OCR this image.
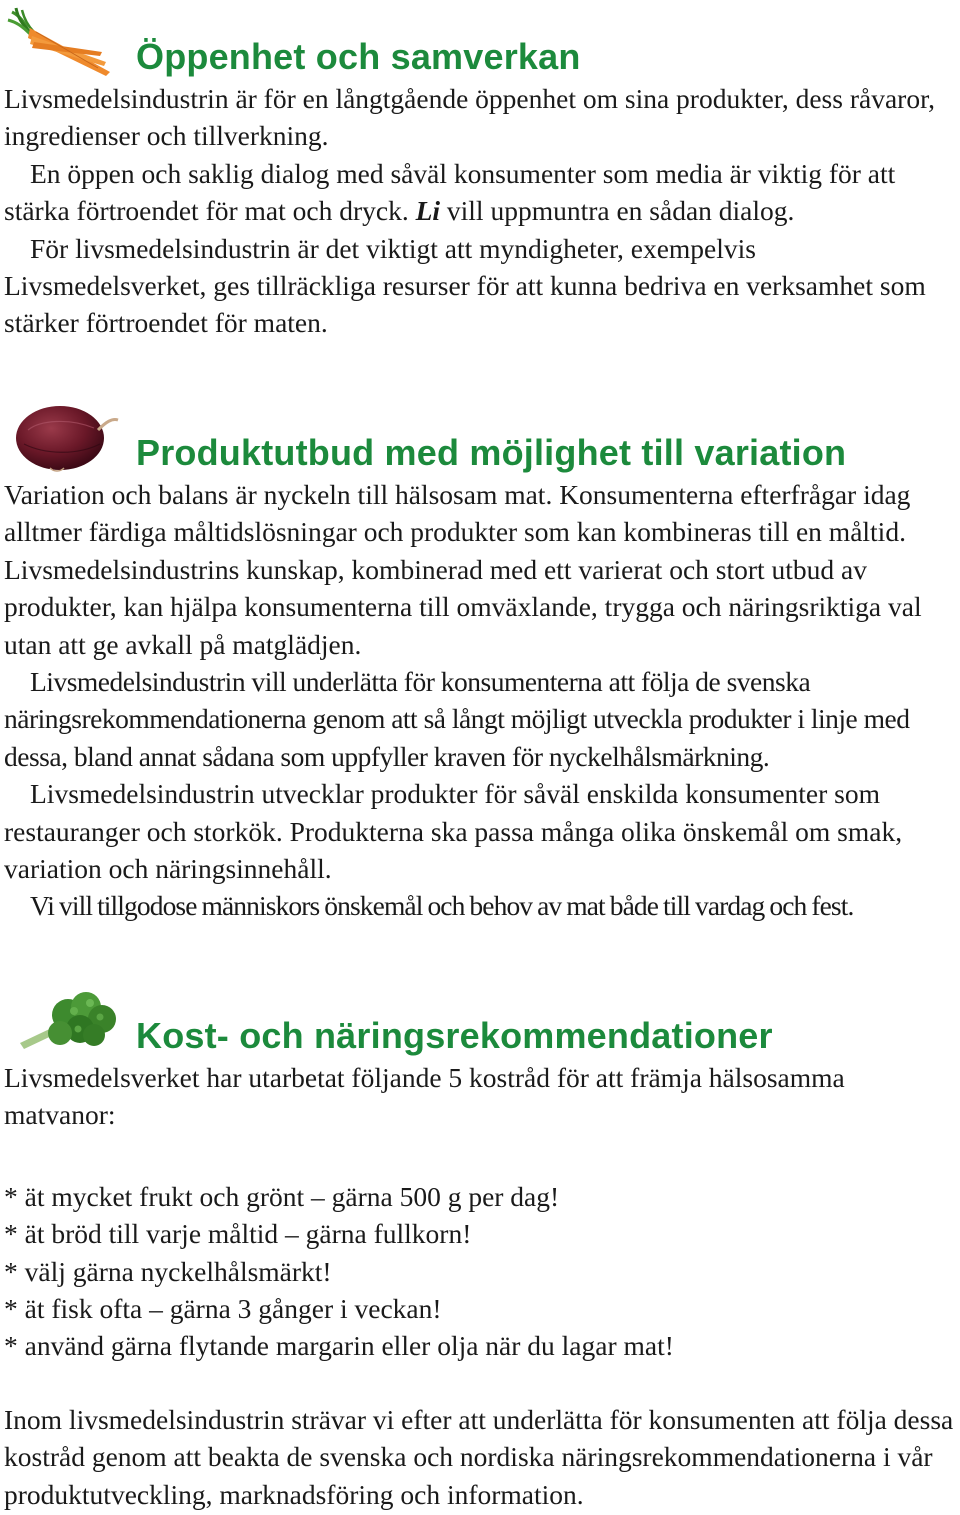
Öppenhet och samverkan
Livsmedelsindustrin är för en långtgående öppenhet om sina produkter, dess råvaror, ingredienser och tillverkning.
En öppen och saklig dialog med såväl konsumenter som media är viktig för att stärka förtroendet för mat och dryck. Li vill uppmuntra en sådan dialog.
För livsmedelsindustrin är det viktigt att myndigheter, exempelvis Livsmedelsverket, ges tillräckliga resurser för att kunna bedriva en verksamhet som stärker förtroendet för maten.
Produktutbud med möjlighet till variation
Variation och balans är nyckeln till hälsosam mat. Konsumenterna efterfrågar idag alltmer färdiga måltidslösningar och produkter som kan kombineras till en måltid. Livsmedelsindustrins kunskap, kombinerad med ett varierat och stort utbud av produkter, kan hjälpa konsumenterna till omväxlande, trygga och näringsriktiga val utan att ge avkall på matglädjen.
Livsmedelsindustrin vill underlätta för konsumenterna att följa de svenska näringsrekommendationerna genom att så långt möjligt utveckla produkter i linje med dessa, bland annat sådana som uppfyller kraven för nyckelhålsmärkning.
Livsmedelsindustrin utvecklar produkter för såväl enskilda konsumenter som restauranger och storkök. Produkterna ska passa många olika önskemål om smak, variation och näringsinnehåll.
Vi vill tillgodose människors önskemål och behov av mat både till vardag och fest.
Kost- och näringsrekommendationer
Livsmedelsverket har utarbetat följande 5 kostråd för att främja hälsosamma matvanor:
* ät mycket frukt och grönt – gärna 500 g per dag!
* ät bröd till varje måltid – gärna fullkorn!
* välj gärna nyckelhålsmärkt!
* ät fisk ofta – gärna 3 gånger i veckan!
* använd gärna flytande margarin eller olja när du lagar mat!
Inom livsmedelsindustrin strävar vi efter att underlätta för konsumenten att följa dessa kostråd genom att beakta de svenska och nordiska näringsrekommendationerna i vår produktutveckling, marknadsföring och information.
